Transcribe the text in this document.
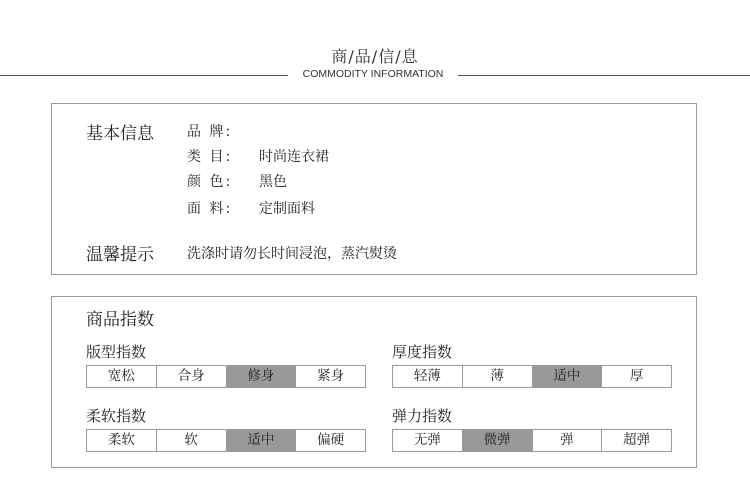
商/品/信/息
COMMODITY INFORMATION
基本信息 品 牌:
类 目: 时尚连衣裙
颜 色: 黑色
面 料: 定制面料
温馨提示 洗涤时请勿长时间浸泡，蒸汽熨烫
商品指数
版型指数
宽松	合身	修身	紧身
厚度指数
轻薄	薄	适中	厚
柔软指数
柔软	软	适中	偏硬
弹力指数
无弹	微弹	弹	超弹
